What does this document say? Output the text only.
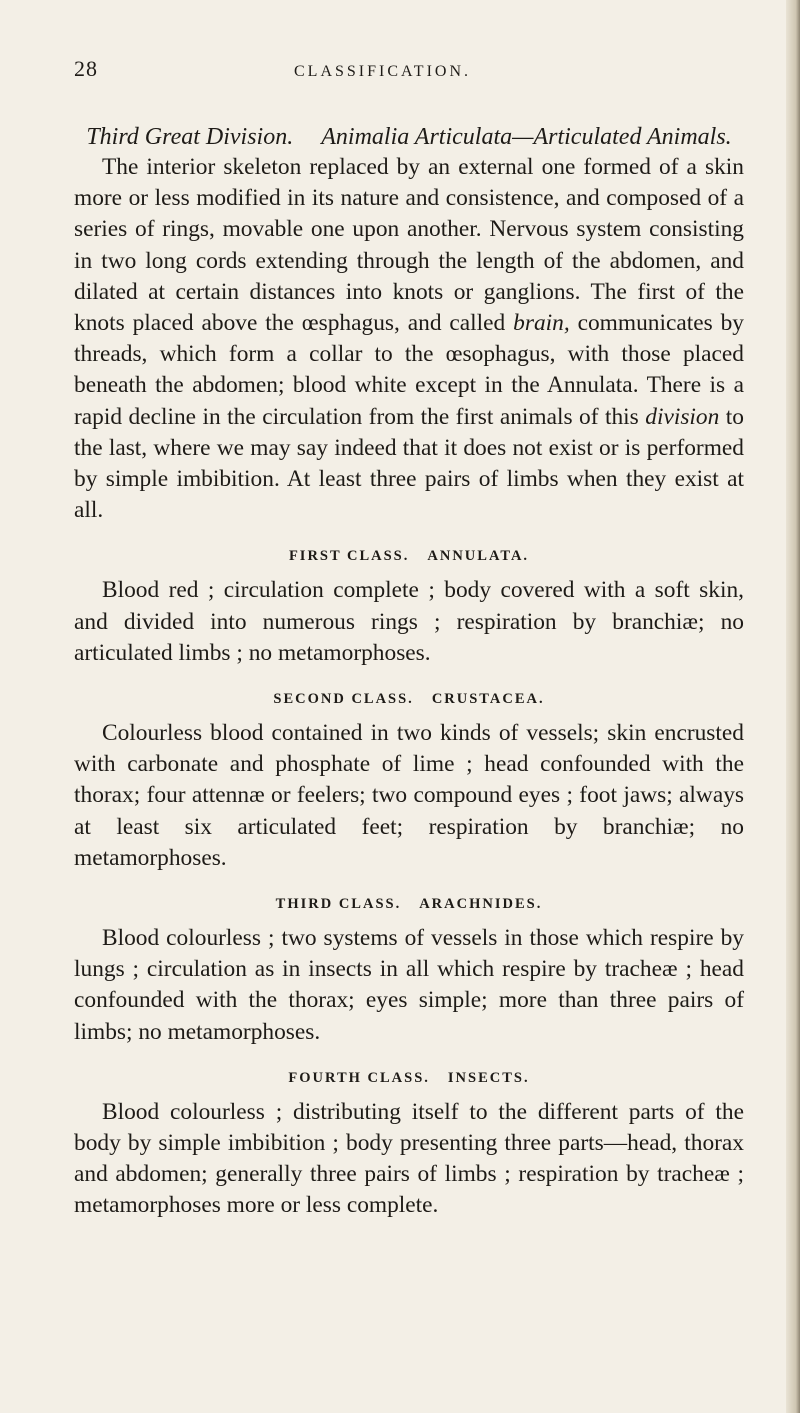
28	CLASSIFICATION.
Third Great Division. Animalia Articulata—Articulated Animals.

The interior skeleton replaced by an external one formed of a skin more or less modified in its nature and consistence, and composed of a series of rings, movable one upon another. Nervous system consisting in two long cords extending through the length of the abdomen, and dilated at certain distances into knots or ganglions. The first of the knots placed above the œsphagus, and called brain, communicates by threads, which form a collar to the œsophagus, with those placed beneath the abdomen; blood white except in the Annulata. There is a rapid decline in the circulation from the first animals of this division to the last, where we may say indeed that it does not exist or is performed by simple imbibition. At least three pairs of limbs when they exist at all.

FIRST CLASS. ANNULATA.

Blood red ; circulation complete ; body covered with a soft skin, and divided into numerous rings ; respiration by branchiæ; no articulated limbs ; no metamorphoses.

SECOND CLASS. CRUSTACEA.

Colourless blood contained in two kinds of vessels; skin encrusted with carbonate and phosphate of lime ; head confounded with the thorax; four attennæ or feelers; two compound eyes ; foot jaws; always at least six articulated feet; respiration by branchiæ; no metamorphoses.

THIRD CLASS. ARACHNIDES.

Blood colourless ; two systems of vessels in those which respire by lungs ; circulation as in insects in all which respire by tracheæ ; head confounded with the thorax; eyes simple; more than three pairs of limbs; no metamorphoses.

FOURTH CLASS. INSECTS.

Blood colourless ; distributing itself to the different parts of the body by simple imbibition ; body presenting three parts—head, thorax and abdomen; generally three pairs of limbs ; respiration by tracheæ ; metamorphoses more or less complete.
